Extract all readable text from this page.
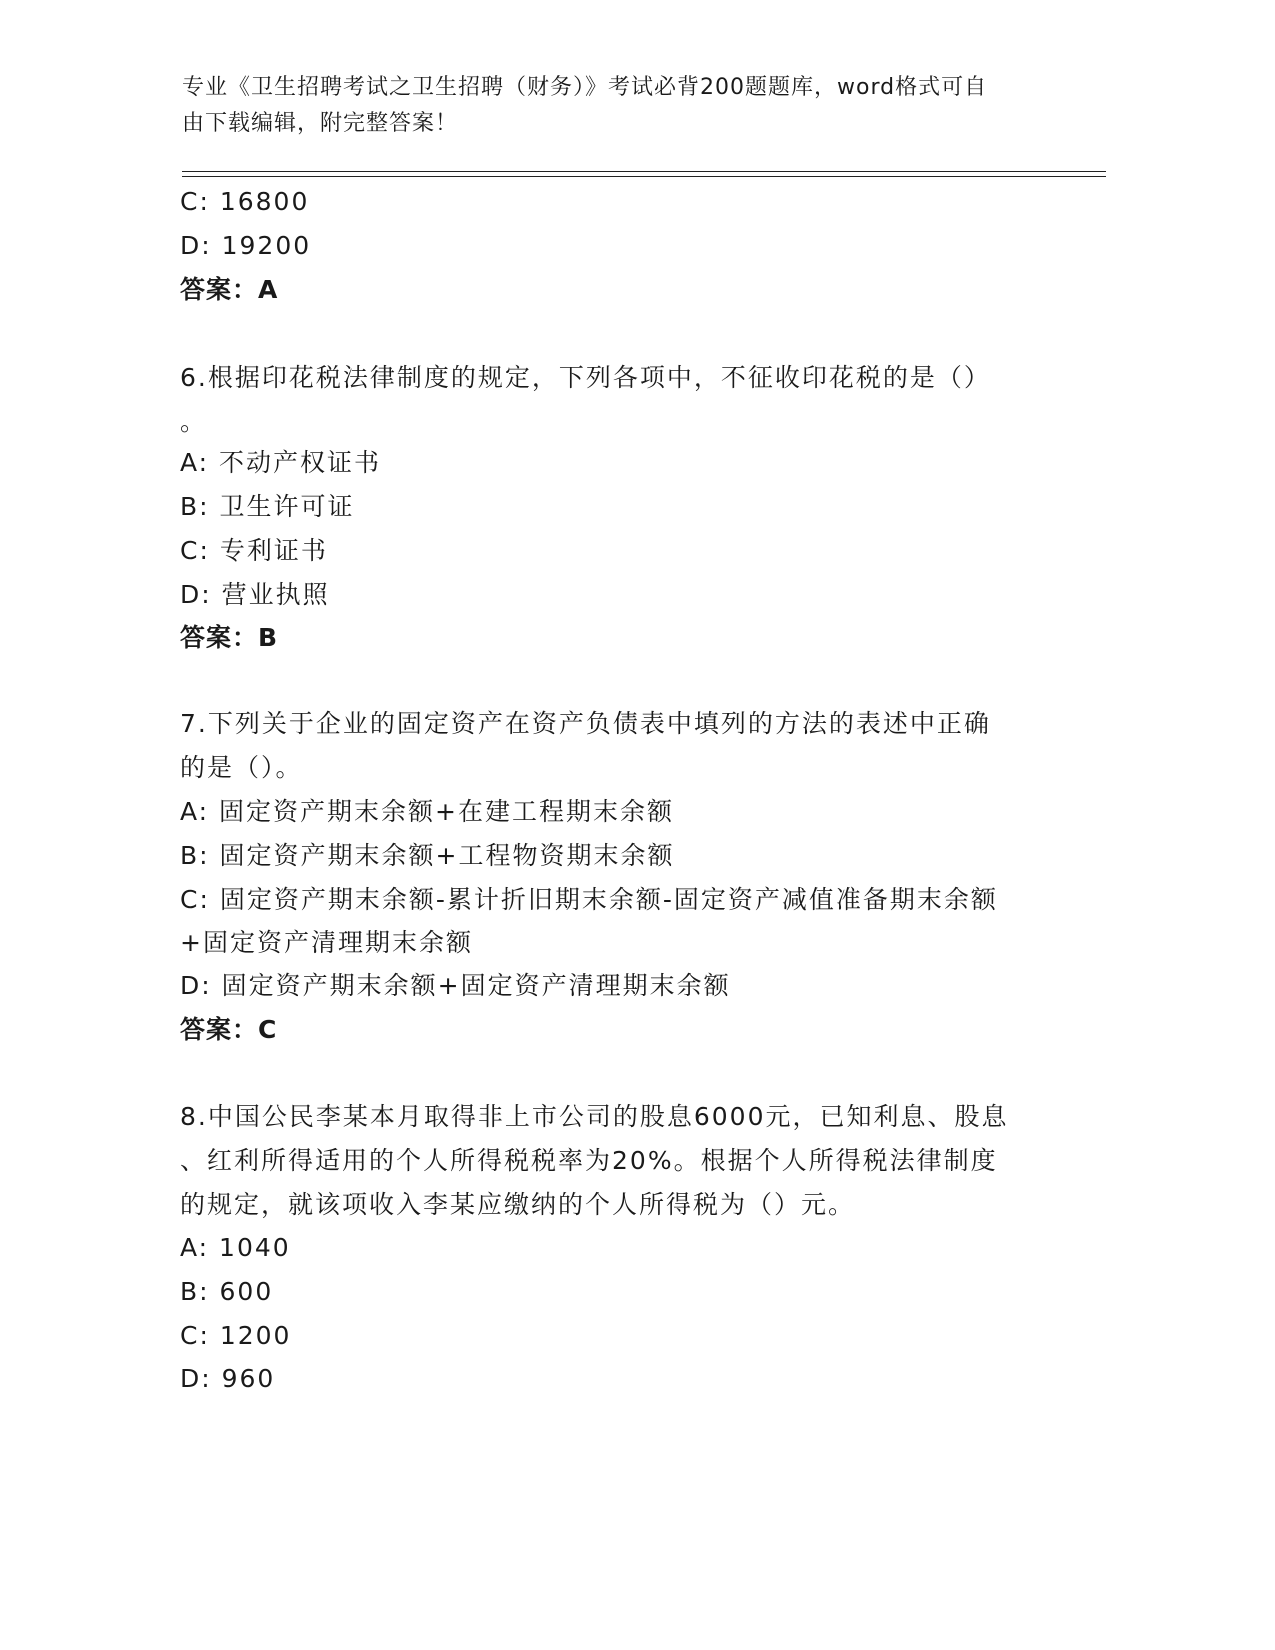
专业《卫生招聘考试之卫生招聘（财务）》考试必背200题题库，word格式可自
由下载编辑，附完整答案！
C: 16800
D: 19200
答案：A
6.根据印花税法律制度的规定，下列各项中，不征收印花税的是（）
。
A: 不动产权证书
B: 卫生许可证
C: 专利证书
D: 营业执照
答案：B
7.下列关于企业的固定资产在资产负债表中填列的方法的表述中正确
的是（）。
A: 固定资产期末余额+在建工程期末余额
B: 固定资产期末余额+工程物资期末余额
C: 固定资产期末余额-累计折旧期末余额-固定资产减值准备期末余额
+固定资产清理期末余额
D: 固定资产期末余额+固定资产清理期末余额
答案：C
8.中国公民李某本月取得非上市公司的股息6000元，已知利息、股息
、红利所得适用的个人所得税税率为20%。根据个人所得税法律制度
的规定，就该项收入李某应缴纳的个人所得税为（）元。
A: 1040
B: 600
C: 1200
D: 960
